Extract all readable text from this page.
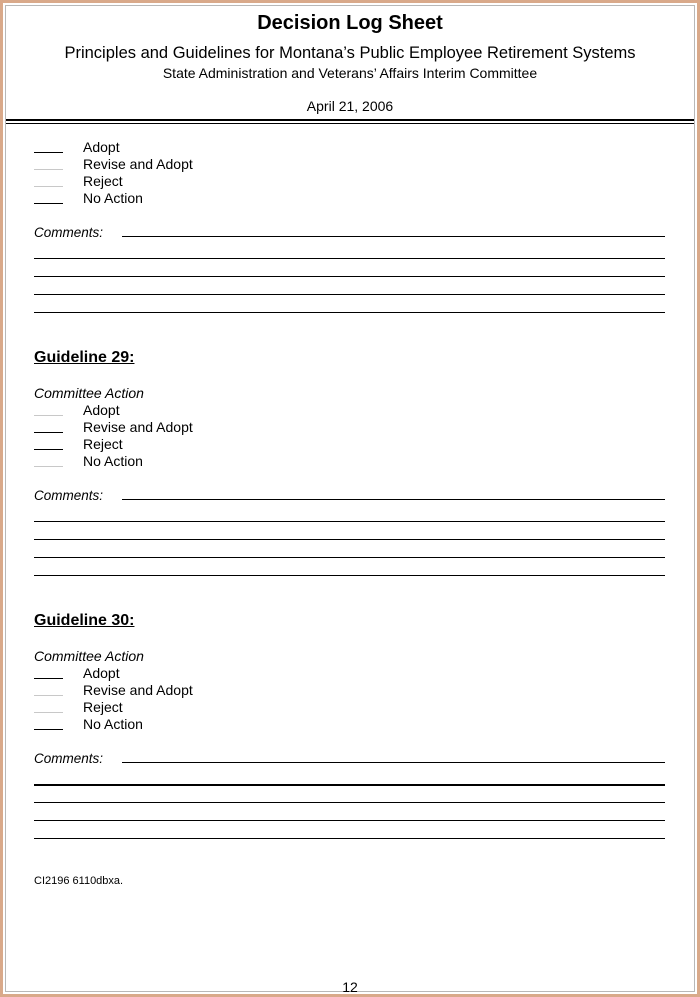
Decision Log Sheet
Principles and Guidelines for Montana’s Public Employee Retirement Systems
State Administration and Veterans’ Affairs Interim Committee
April 21, 2006
Adopt
Revise and Adopt
Reject
No Action
Comments:
Guideline 29:
Committee Action
Adopt
Revise and Adopt
Reject
No Action
Comments:
Guideline 30:
Committee Action
Adopt
Revise and Adopt
Reject
No Action
Comments:
CI2196 6110dbxa.
12
